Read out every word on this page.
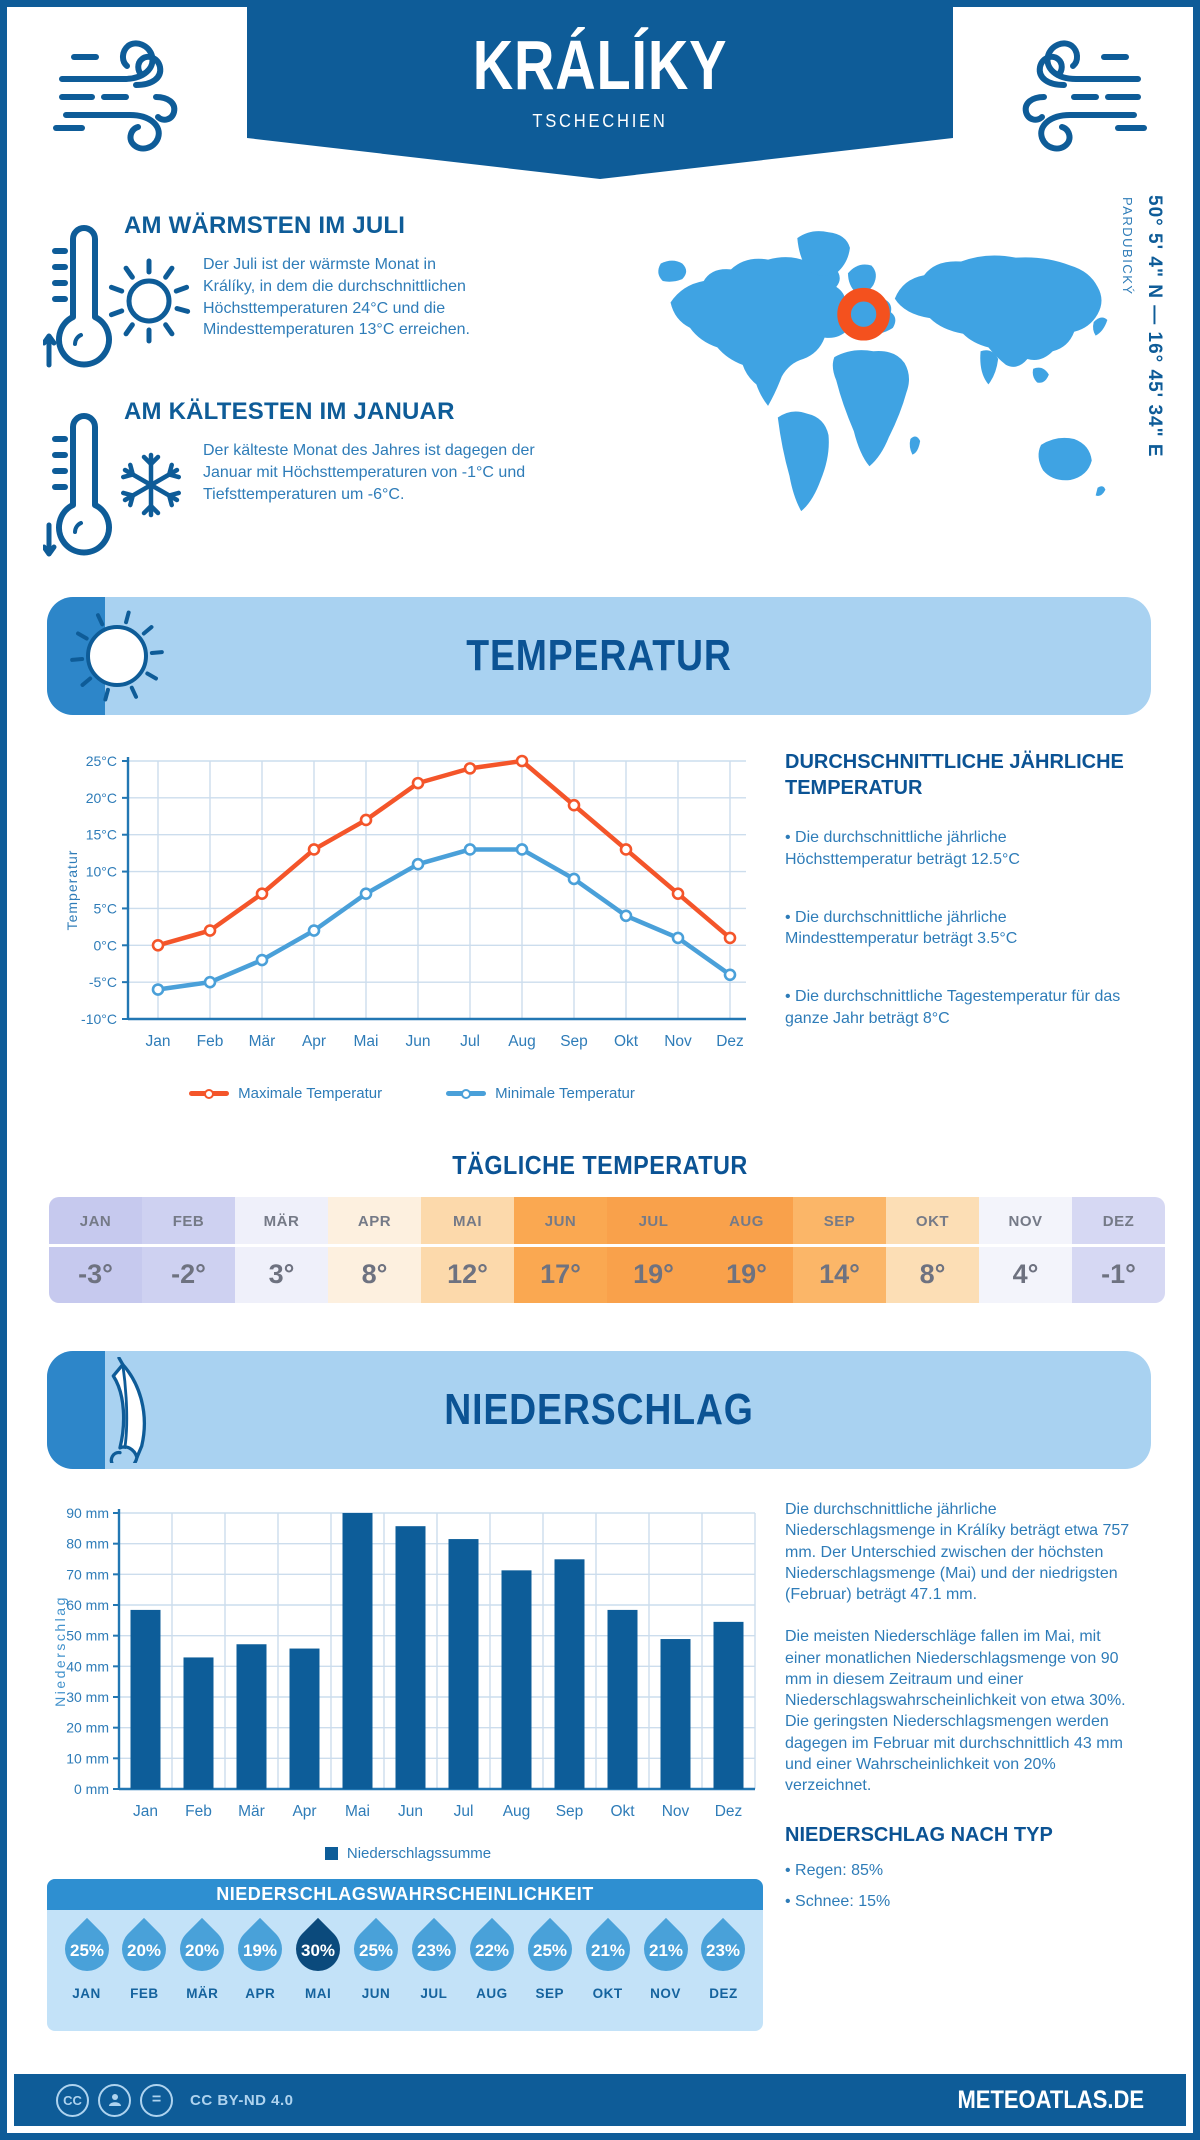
KRÁLÍKY
TSCHECHIEN
AM WÄRMSTEN IM JULI
Der Juli ist der wärmste Monat in Králíky, in dem die durchschnittlichen Höchsttemperaturen 24°C und die Mindesttemperaturen 13°C erreichen.
AM KÄLTESTEN IM JANUAR
Der kälteste Monat des Jahres ist dagegen der Januar mit Höchsttemperaturen von -1°C und Tiefsttemperaturen um -6°C.
50° 5' 4" N — 16° 45' 34" E
PARDUBICKÝ
TEMPERATUR
-10°C
-5°C
0°C
5°C
10°C
15°C
20°C
25°C
Jan Feb Mär Apr Mai Jun Jul Aug Sep Okt Nov Dez
Temperatur
Maximale Temperatur	Minimale Temperatur
DURCHSCHNITTLICHE JÄHRLICHE TEMPERATUR
• Die durchschnittliche jährliche Höchsttemperatur beträgt 12.5°C
• Die durchschnittliche jährliche Mindesttemperatur beträgt 3.5°C
• Die durchschnittliche Tagestemperatur für das ganze Jahr beträgt 8°C
TÄGLICHE TEMPERATUR
JAN
-3°
FEB
-2°
MÄR
3°
APR
8°
MAI
12°
JUN
17°
JUL
19°
AUG
19°
SEP
14°
OKT
8°
NOV
4°
DEZ
-1°
NIEDERSCHLAG
0 mm
10 mm
20 mm
30 mm
40 mm
50 mm
60 mm
70 mm
80 mm
90 mm
Jan Feb Mär Apr Mai Jun Jul Aug Sep Okt Nov Dez
Niederschlag
Niederschlagssumme

Die durchschnittliche jährliche Niederschlagsmenge in Králíky beträgt etwa 757 mm. Der Unterschied zwischen der höchsten Niederschlagsmenge (Mai) und der niedrigsten (Februar) beträgt 47.1 mm.

Die meisten Niederschläge fallen im Mai, mit einer monatlichen Niederschlagsmenge von 90 mm in diesem Zeitraum und einer Niederschlagswahrscheinlichkeit von etwa 30%. Die geringsten Niederschlagsmengen werden dagegen im Februar mit durchschnittlich 43 mm und einer Wahrscheinlichkeit von 20% verzeichnet.

NIEDERSCHLAG NACH TYP
• Regen: 85%
• Schnee: 15%
NIEDERSCHLAGSWAHRSCHEINLICHKEIT
25%
JAN
20%
FEB
20%
MÄR
19%
APR
30%
MAI
25%
JUN
23%
JUL
22%
AUG
25%
SEP
21%
OKT
21%
NOV
23%
DEZ
CC	=	CC BY-ND 4.0	METEOATLAS.DE
